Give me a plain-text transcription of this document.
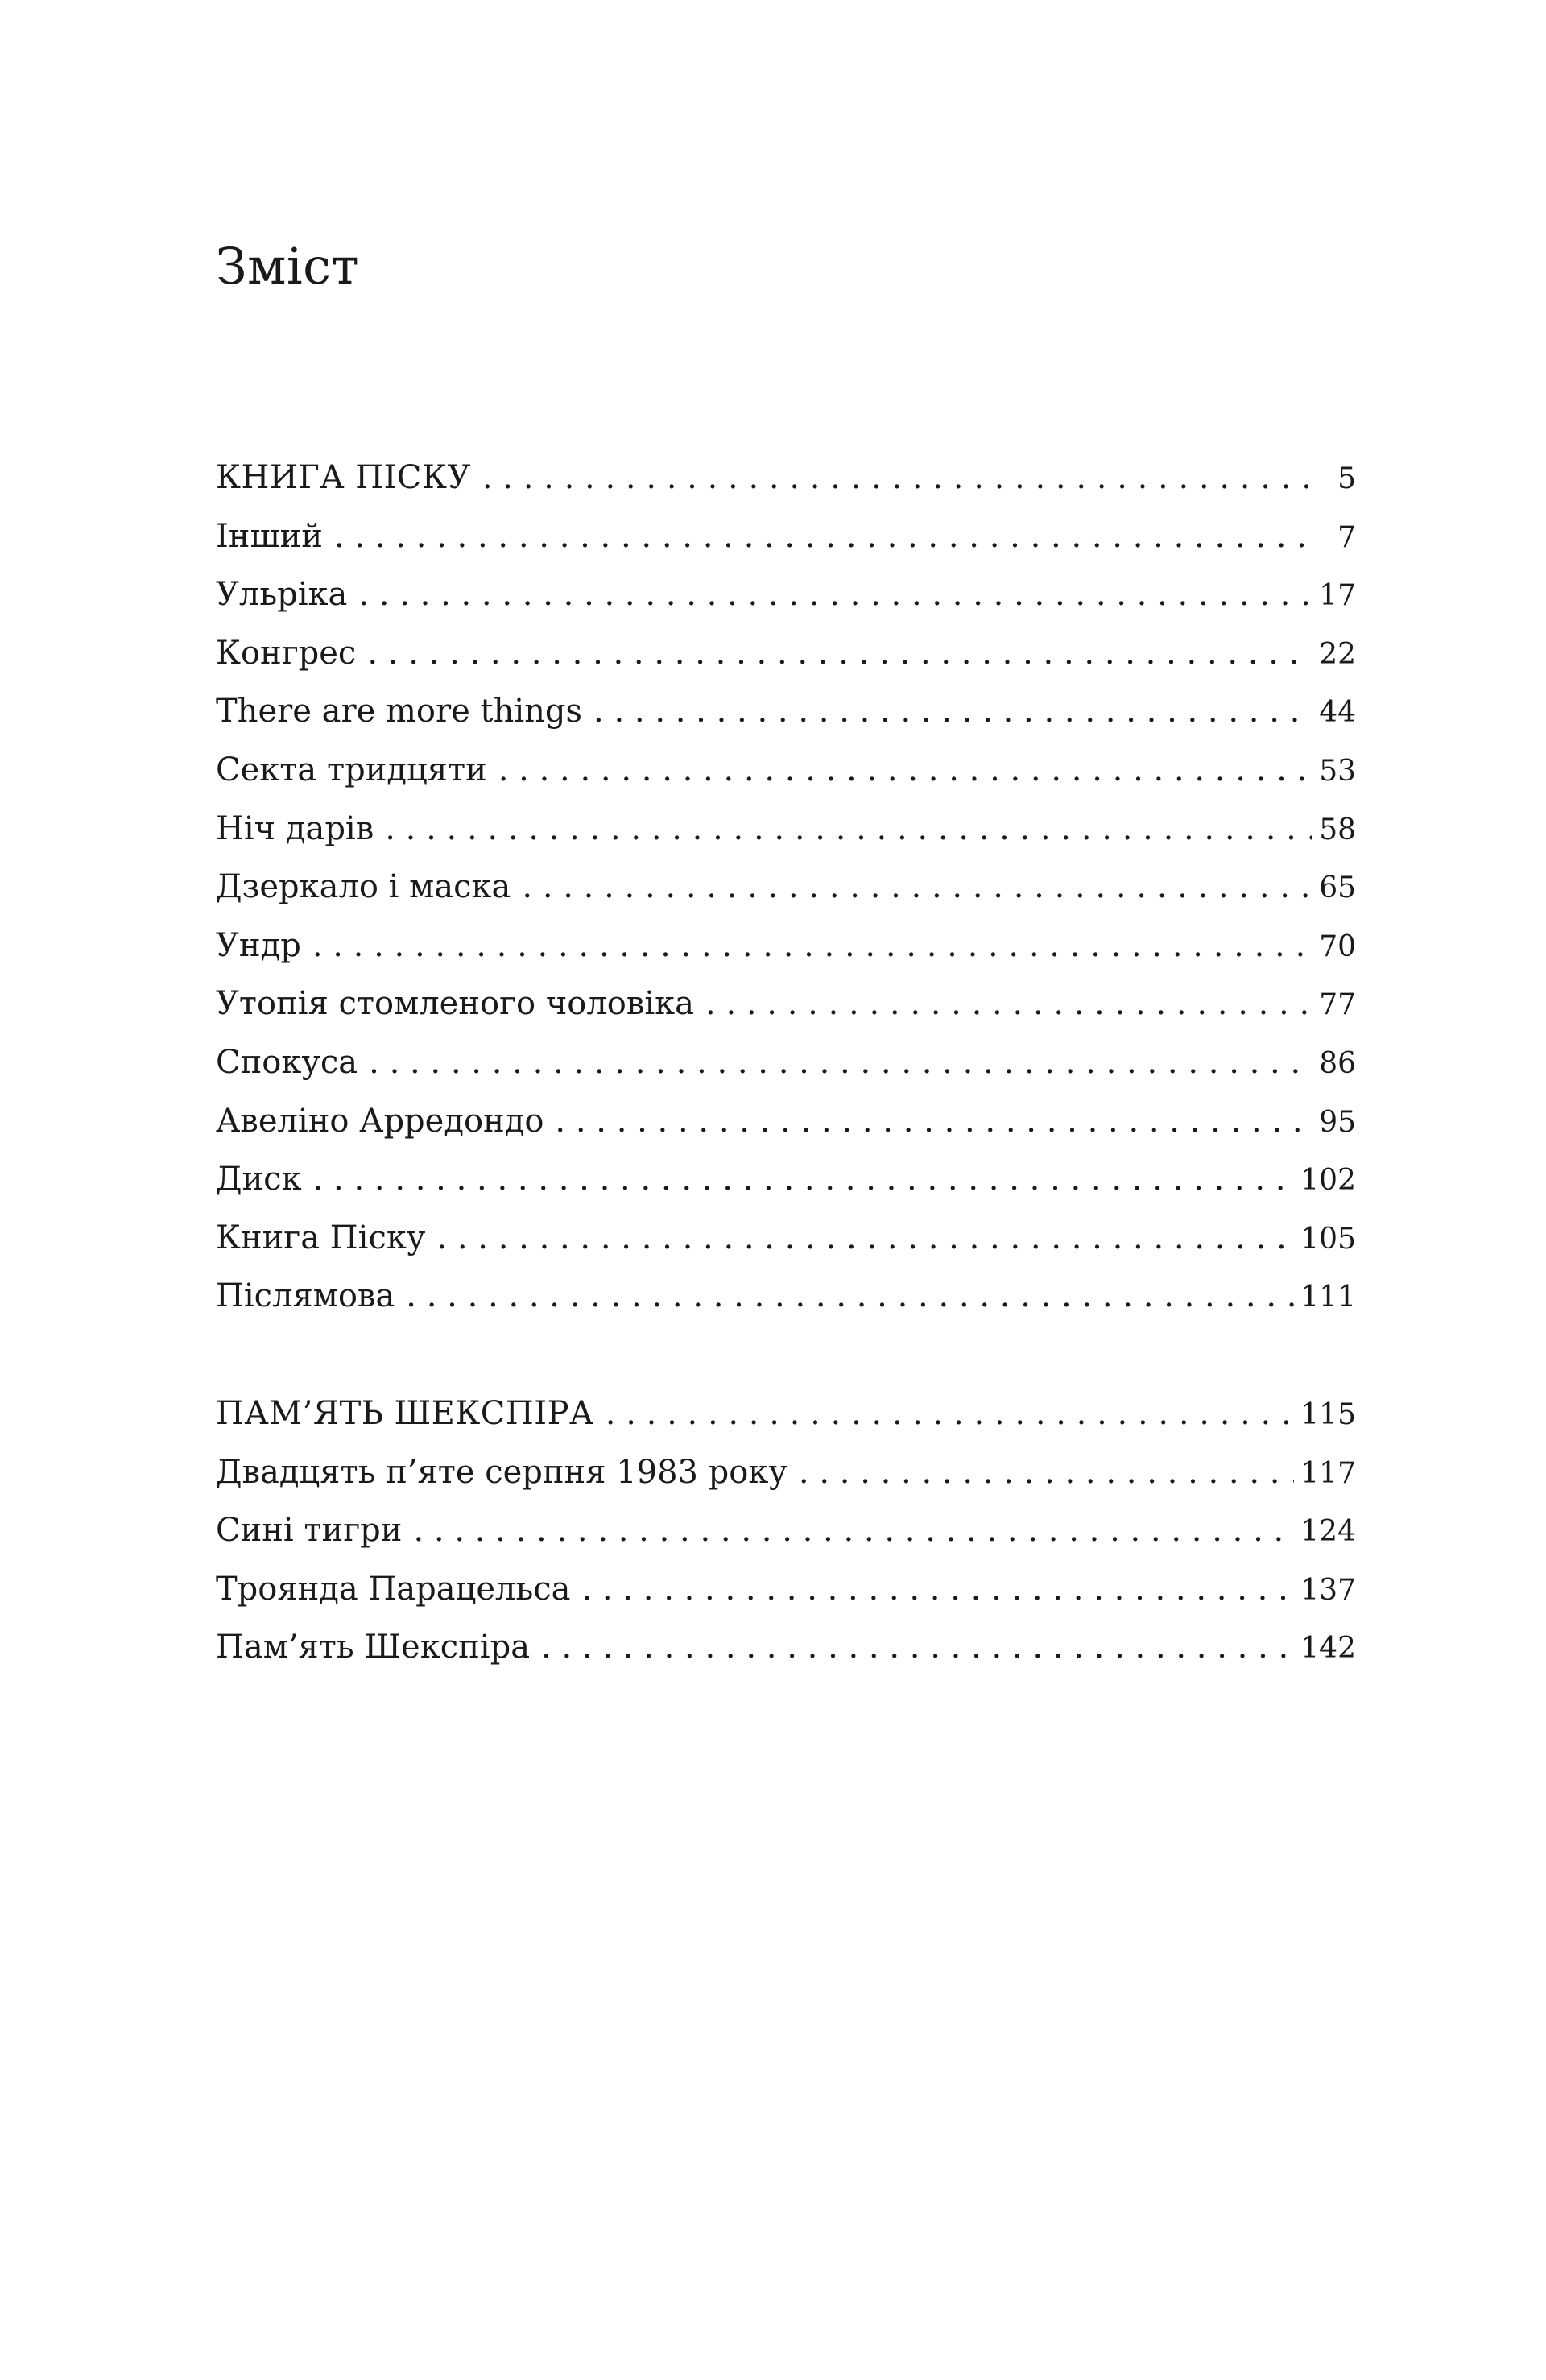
Зміст
КНИГА ПІСКУ . . .	5
Інший . . .	7
Ульріка . . .	17
Конгрес . . .	22
There are more things . . .	44
Секта тридцяти . . .	53
Ніч дарів . . .	58
Дзеркало і маска . . .	65
Ундр . . .	70
Утопія стомленого чоловіка . . .	77
Спокуса . . .	86
Авеліно Арредондо . . .	95
Диск . . .	102
Книга Піску . . .	105
Післямова . . .	111
ПАМ’ЯТЬ ШЕКСПІРА . . .	115
Двадцять п’яте серпня 1983 року . . .	117
Сині тигри . . .	124
Троянда Парацельса . . .	137
Пам’ять Шекспіра . . .	142
